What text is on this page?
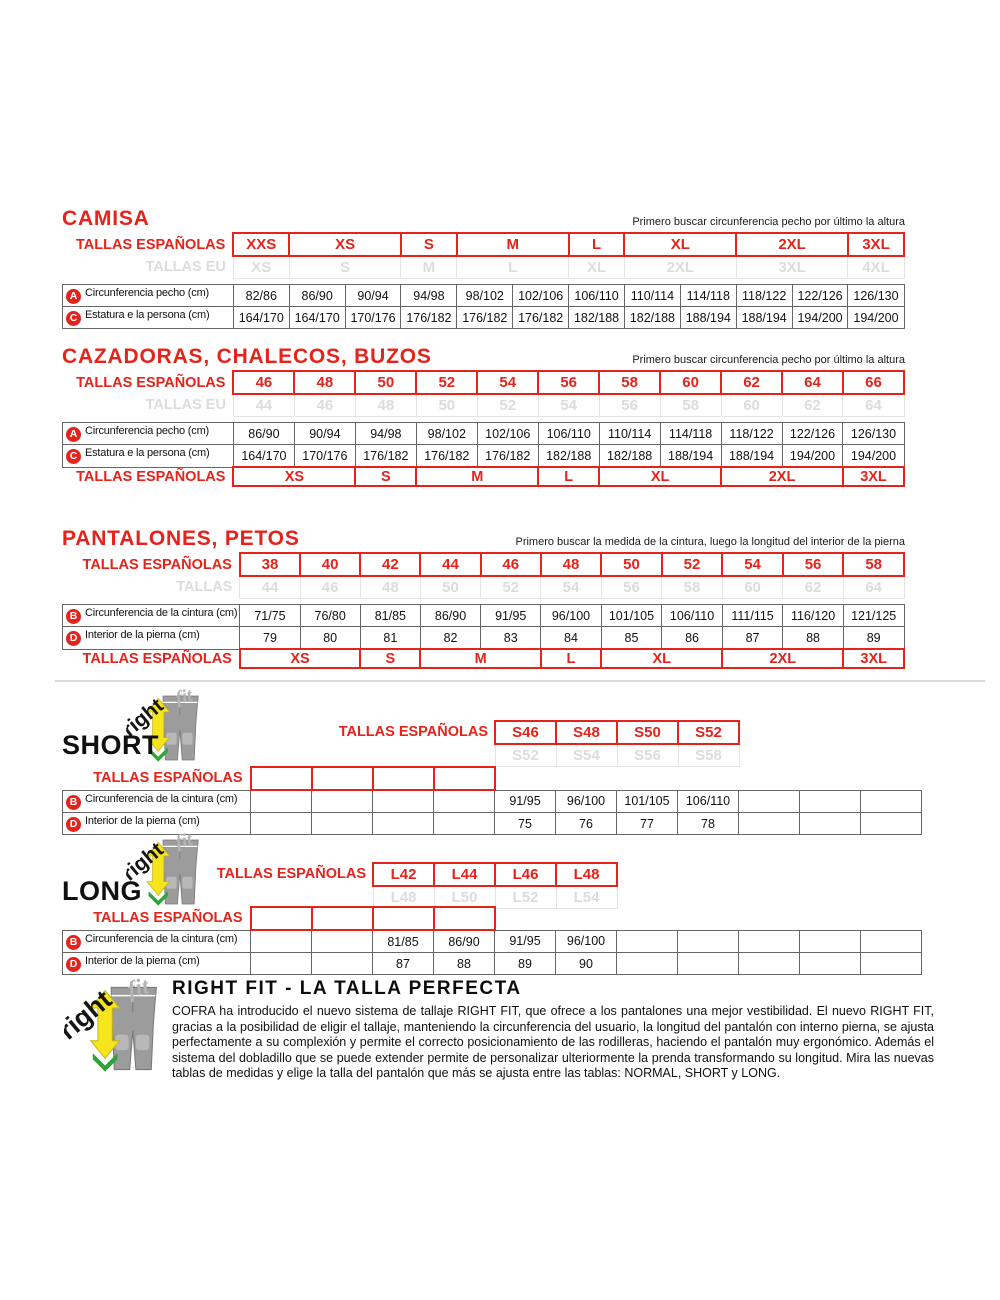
CAMISA	Primero buscar circunferencia pecho por último la altura
TALLAS ESPAÑOLAS	XXS	XS		S	M		L	XL		2XL		3XL
TALLAS EU	XS	S		M	L		XL	2XL		3XL		4XL

A Circunferencia pecho (cm)	82/86	86/90	90/94	94/98	98/102	102/106	106/110	110/114	114/118	118/122	122/126	126/130
C Estatura e la persona (cm)	164/170	164/170	170/176	176/182	176/182	176/182	182/188	182/188	188/194	188/194	194/200	194/200
CAZADORAS, CHALECOS, BUZOS	Primero buscar circunferencia pecho por último la altura
TALLAS ESPAÑOLAS	46	48	50	52	54	56	58	60	62	64	66
TALLAS EU	44	46	48	50	52	54	56	58	60	62	64

A Circunferencia pecho (cm)	86/90	90/94	94/98	98/102	102/106	106/110	110/114	114/118	118/122	122/126	126/130
C Estatura e la persona (cm)	164/170	170/176	176/182	176/182	176/182	182/188	182/188	188/194	188/194	194/200	194/200
TALLAS ESPAÑOLAS	XS		S	M		L	XL		2XL		3XL
PANTALONES, PETOS	Primero buscar la medida de la cintura, luego la longitud del interior de la pierna
TALLAS ESPAÑOLAS	38	40	42	44	46	48	50	52	54	56	58
TALLAS	44	46	48	50	52	54	56	58	60	62	64

B Circunferencia de la cintura (cm)	71/75	76/80	81/85	86/90	91/95	96/100	101/105	106/110	111/115	116/120	121/125
D Interior de la pierna (cm)	79	80	81	82	83	84	85	86	87	88	89
TALLAS ESPAÑOLAS	XS		S	M		L	XL		2XL		3XL
SHORT	TALLAS ESPAÑOLAS S46	S48	S50	S52
S52	S54	S56	S58
TALLAS ESPAÑOLAS											
B Circunferencia de la cintura (cm)					91/95	96/100	101/105	106/110			
D Interior de la pierna (cm)					75	76	77	78			
LONG
TALLAS ESPAÑOLAS L42	L44	L46	L48
L48	L50	L52	L54
TALLAS ESPAÑOLAS											
B Circunferencia de la cintura (cm)			81/85	86/90	91/95	96/100					
D Interior de la pierna (cm)			87	88	89	90					
RIGHT FIT - LA TALLA PERFECTA
COFRA ha introducido el nuevo sistema de tallaje RIGHT FIT, que ofrece a los pantalones una mejor vestibilidad. El nuevo RIGHT FIT, gracias a la posibilidad de eligir el tallaje, manteniendo la circunferencia del usuario, la longitud del pantalón con interno pierna, se ajusta perfectamente a su complexión y permite el correcto posicionamiento de las rodilleras, haciendo el pantalón muy ergonómico. Además el sistema del dobladillo que se puede extender permite de personalizar ulteriormente la prenda transformando su longitud. Mira las nuevas tablas de medidas y elige la talla del pantalón que más se ajusta entre las tablas: NORMAL, SHORT y LONG.
